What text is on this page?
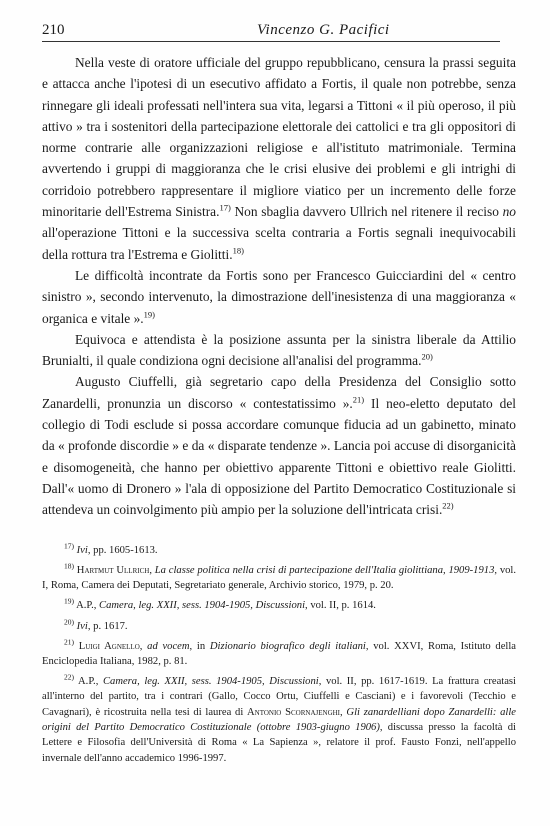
210	Vincenzo G. Pacifici

Nella veste di oratore ufficiale del gruppo repubblicano, censura la prassi seguita e attacca anche l'ipotesi di un esecutivo affidato a Fortis, il quale non potrebbe, senza rinnegare gli ideali professati nell'intera sua vita, legarsi a Tittoni « il più operoso, il più attivo » tra i sostenitori della partecipazione elettorale dei cattolici e tra gli oppositori di norme contrarie alle organizzazioni religiose e all'istituto matrimoniale. Termina avvertendo i gruppi di maggioranza che le crisi elusive dei problemi e gli intrighi di corridoio potrebbero rappresentare il migliore viatico per un incremento delle forze minoritarie dell'Estrema Sinistra.$^{17)}$ Non sbaglia davvero Ullrich nel ritenere il reciso no all'operazione Tittoni e la successiva scelta contraria a Fortis segnali inequivocabili della rottura tra l'Estrema e Giolitti.$^{18)}$

Le difficoltà incontrate da Fortis sono per Francesco Guicciardini del « centro sinistro », secondo intervenuto, la dimostrazione dell'inesistenza di una maggioranza « organica e vitale ».$^{19)}$

Equivoca e attendista è la posizione assunta per la sinistra liberale da Attilio Brunialti, il quale condiziona ogni decisione all'analisi del programma.$^{20)}$

Augusto Ciuffelli, già segretario capo della Presidenza del Consiglio sotto Zanardelli, pronunzia un discorso « contestatissimo ».$^{21)}$ Il neo-eletto deputato del collegio di Todi esclude si possa accordare comunque fiducia ad un gabinetto, minato da « profonde discordie » e da « disparate tendenze ». Lancia poi accuse di disorganicità e disomogeneità, che hanno per obiettivo apparente Tittoni e obiettivo reale Giolitti. Dall'« uomo di Dronero » l'ala di opposizione del Partito Democratico Costituzionale si attendeva un coinvolgimento più ampio per la soluzione dell'intricata crisi.$^{22)}$

$^{17)}$ Ivi, pp. 1605-1613.

$^{18)}$ Hartmut Ullrich, La classe politica nella crisi di partecipazione dell'Italia giolittiana, 1909-1913, vol. I, Roma, Camera dei Deputati, Segretariato generale, Archivio storico, 1979, p. 20.

$^{19)}$ A.P., Camera, leg. XXII, sess. 1904-1905, Discussioni, vol. II, p. 1614.

$^{20)}$ Ivi, p. 1617.

$^{21)}$ Luigi Agnello, ad vocem, in Dizionario biografico degli italiani, vol. XXVI, Roma, Istituto della Enciclopedia Italiana, 1982, p. 81.

$^{22)}$ A.P., Camera, leg. XXII, sess. 1904-1905, Discussioni, vol. II, pp. 1617-1619. La frattura creatasi all'interno del partito, tra i contrari (Gallo, Cocco Ortu, Ciuffelli e Casciani) e i favorevoli (Tecchio e Cavagnari), è ricostruita nella tesi di laurea di Antonio Scornajenghi, Gli zanardelliani dopo Zanardelli: alle origini del Partito Democratico Costituzionale (ottobre 1903-giugno 1906), discussa presso la facoltà di Lettere e Filosofia dell'Università di Roma « La Sapienza », relatore il prof. Fausto Fonzi, nell'appello invernale dell'anno accademico 1996-1997.
